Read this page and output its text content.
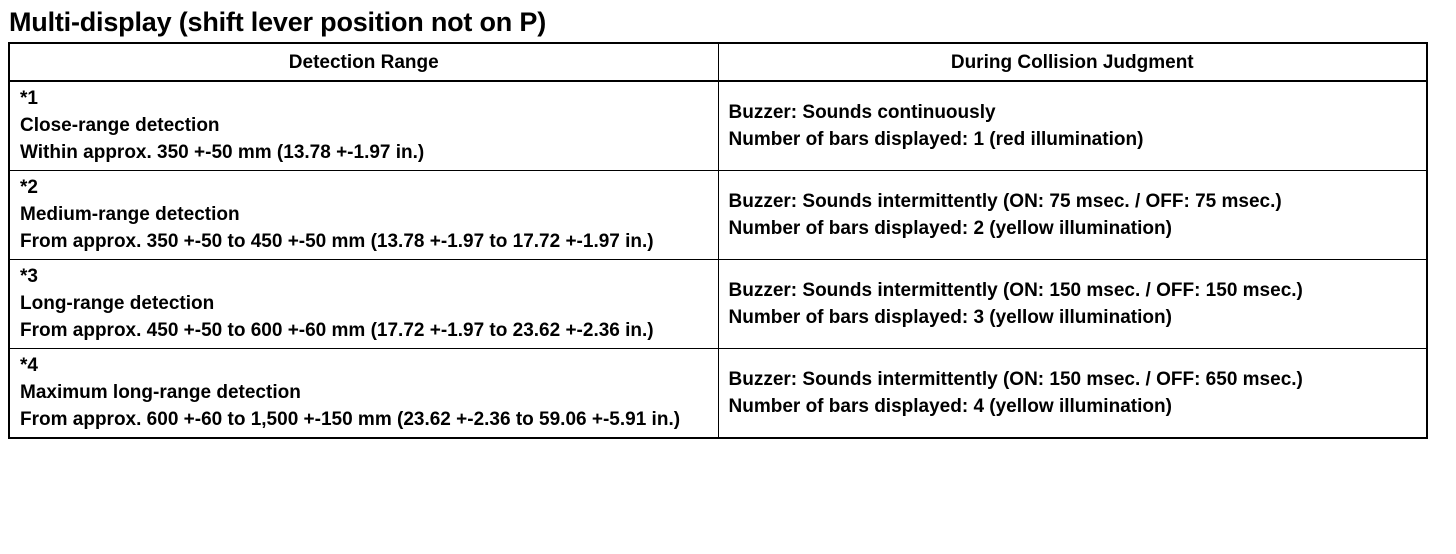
Multi-display (shift lever position not on P)
Detection Range	During Collision Judgment

*1
Close-range detection
Within approx. 350 +-50 mm (13.78 +-1.97 in.)	Buzzer: Sounds continuously
Number of bars displayed: 1 (red illumination)

*2
Medium-range detection
From approx. 350 +-50 to 450 +-50 mm (13.78 +-1.97 to 17.72 +-1.97 in.)	Buzzer: Sounds intermittently (ON: 75 msec. / OFF: 75 msec.)
Number of bars displayed: 2 (yellow illumination)

*3
Long-range detection
From approx. 450 +-50 to 600 +-60 mm (17.72 +-1.97 to 23.62 +-2.36 in.)	Buzzer: Sounds intermittently (ON: 150 msec. / OFF: 150 msec.)
Number of bars displayed: 3 (yellow illumination)

*4
Maximum long-range detection
From approx. 600 +-60 to 1,500 +-150 mm (23.62 +-2.36 to 59.06 +-5.91 in.)	Buzzer: Sounds intermittently (ON: 150 msec. / OFF: 650 msec.)
Number of bars displayed: 4 (yellow illumination)
